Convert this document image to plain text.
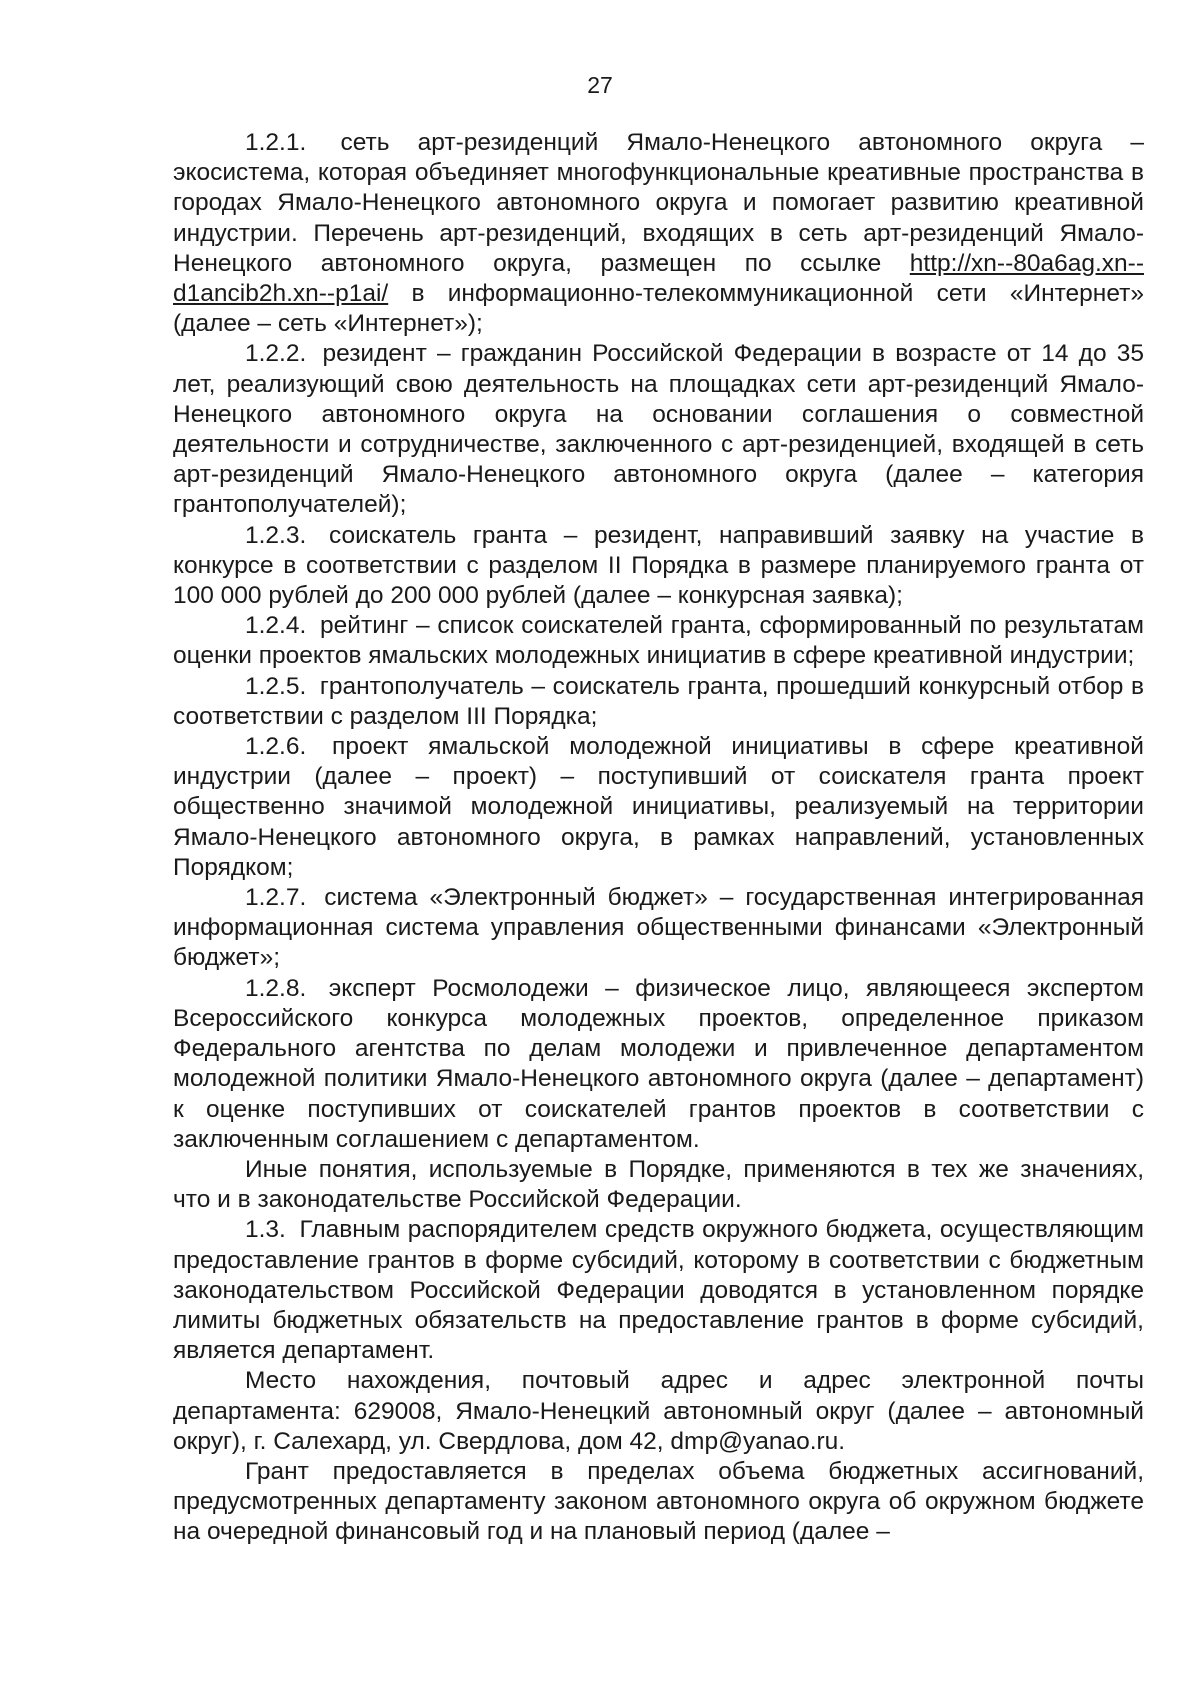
27

1.2.1. сеть арт-резиденций Ямало-Ненецкого автономного округа – экосистема, которая объединяет многофункциональные креативные пространства в городах Ямало-Ненецкого автономного округа и помогает развитию креативной индустрии. Перечень арт-резиденций, входящих в сеть арт-резиденций Ямало-Ненецкого автономного округа, размещен по ссылке http://xn--80a6ag.xn--d1ancib2h.xn--p1ai/ в информационно-телекоммуникационной сети «Интернет» (далее – сеть «Интернет»);

1.2.2. резидент – гражданин Российской Федерации в возрасте от 14 до 35 лет, реализующий свою деятельность на площадках сети арт-резиденций Ямало-Ненецкого автономного округа на основании соглашения о совместной деятельности и сотрудничестве, заключенного с арт-резиденцией, входящей в сеть арт-резиденций Ямало-Ненецкого автономного округа (далее – категория грантополучателей);

1.2.3. соискатель гранта – резидент, направивший заявку на участие в конкурсе в соответствии с разделом II Порядка в размере планируемого гранта от 100 000 рублей до 200 000 рублей (далее – конкурсная заявка);

1.2.4. рейтинг – список соискателей гранта, сформированный по результатам оценки проектов ямальских молодежных инициатив в сфере креативной индустрии;

1.2.5. грантополучатель – соискатель гранта, прошедший конкурсный отбор в соответствии с разделом III Порядка;

1.2.6. проект ямальской молодежной инициативы в сфере креативной индустрии (далее – проект) – поступивший от соискателя гранта проект общественно значимой молодежной инициативы, реализуемый на территории Ямало-Ненецкого автономного округа, в рамках направлений, установленных Порядком;

1.2.7. система «Электронный бюджет» – государственная интегрированная информационная система управления общественными финансами «Электронный бюджет»;

1.2.8. эксперт Росмолодежи – физическое лицо, являющееся экспертом Всероссийского конкурса молодежных проектов, определенное приказом Федерального агентства по делам молодежи и привлеченное департаментом молодежной политики Ямало-Ненецкого автономного округа (далее – департамент) к оценке поступивших от соискателей грантов проектов в соответствии с заключенным соглашением с департаментом.

Иные понятия, используемые в Порядке, применяются в тех же значениях, что и в законодательстве Российской Федерации.

1.3. Главным распорядителем средств окружного бюджета, осуществляющим предоставление грантов в форме субсидий, которому в соответствии с бюджетным законодательством Российской Федерации доводятся в установленном порядке лимиты бюджетных обязательств на предоставление грантов в форме субсидий, является департамент.

Место нахождения, почтовый адрес и адрес электронной почты департамента: 629008, Ямало-Ненецкий автономный округ (далее – автономный округ), г. Салехард, ул. Свердлова, дом 42, dmp@yanao.ru.

Грант предоставляется в пределах объема бюджетных ассигнований, предусмотренных департаменту законом автономного округа об окружном бюджете на очередной финансовый год и на плановый период (далее –
